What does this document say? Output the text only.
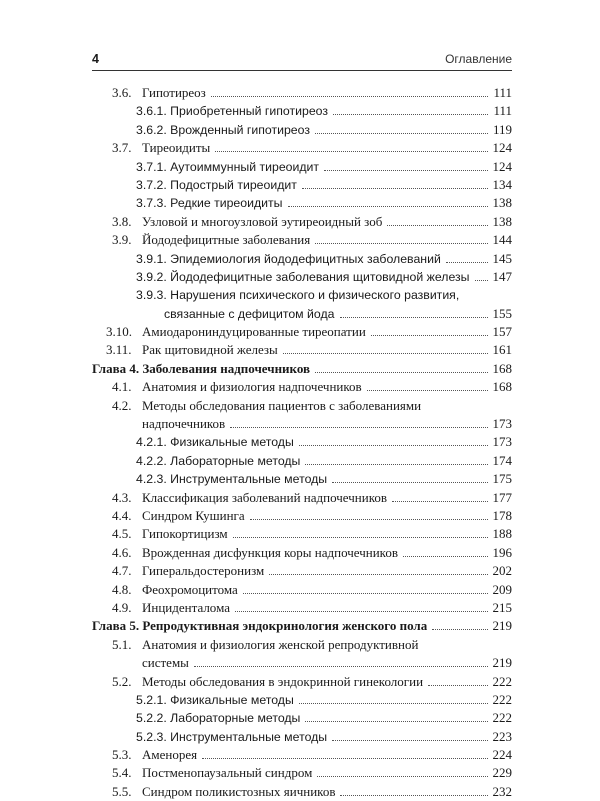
4	Оглавление
3.6. Гипотиреоз	111
3.6.1. Приобретенный гипотиреоз	111
3.6.2. Врожденный гипотиреоз	119
3.7. Тиреоидиты	124
3.7.1. Аутоиммунный тиреоидит	124
3.7.2. Подострый тиреоидит	134
3.7.3. Редкие тиреоидиты	138
3.8. Узловой и многоузловой эутиреоидный зоб	138
3.9. Йододефицитные заболевания	144
3.9.1. Эпидемиология йододефицитных заболеваний	145
3.9.2. Йододефицитные заболевания щитовидной железы 147
3.9.3. Нарушения психического и физического развития,
связанные с дефицитом йода	155
3.10. Амиодарониндуцированные тиреопатии	157
3.11. Рак щитовидной железы	161
Глава 4. Заболевания надпочечников	168
4.1. Анатомия и физиология надпочечников	168
4.2. Методы обследования пациентов с заболеваниями
надпочечников	173
4.2.1. Физикальные методы	173
4.2.2. Лабораторные методы	174
4.2.3. Инструментальные методы	175
4.3. Классификация заболеваний надпочечников	177
4.4. Синдром Кушинга	178
4.5. Гипокортицизм	188
4.6. Врожденная дисфункция коры надпочечников	196
4.7. Гиперальдостеронизм	202
4.8. Феохромоцитома	209
4.9. Инциденталома	215
Глава 5. Репродуктивная эндокринология женского пола	219
5.1. Анатомия и физиология женской репродуктивной
системы	219
5.2. Методы обследования в эндокринной гинекологии	222
5.2.1. Физикальные методы	222
5.2.2. Лабораторные методы	222
5.2.3. Инструментальные методы	223
5.3. Аменорея	224
5.4. Постменопаузальный синдром	229
5.5. Синдром поликистозных яичников	232
